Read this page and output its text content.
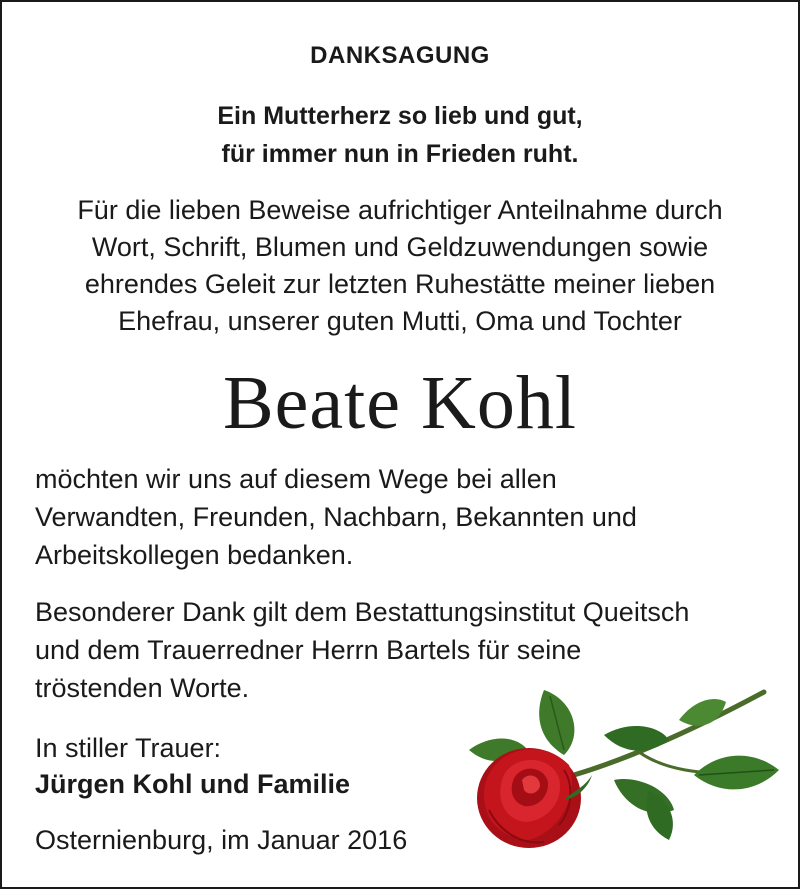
DANKSAGUNG
Ein Mutterherz so lieb und gut,
für immer nun in Frieden ruht.
Für die lieben Beweise aufrichtiger Anteilnahme durch
Wort, Schrift, Blumen und Geldzuwendungen sowie
ehrendes Geleit zur letzten Ruhestätte meiner lieben
Ehefrau, unserer guten Mutti, Oma und Tochter
Beate Kohl
möchten wir uns auf diesem Wege bei allen
Verwandten, Freunden, Nachbarn, Bekannten und
Arbeitskollegen bedanken.
Besonderer Dank gilt dem Bestattungsinstitut Queitsch
und dem Trauerredner Herrn Bartels für seine
tröstenden Worte.
In stiller Trauer:
Jürgen Kohl und Familie
Osternienburg, im Januar 2016
